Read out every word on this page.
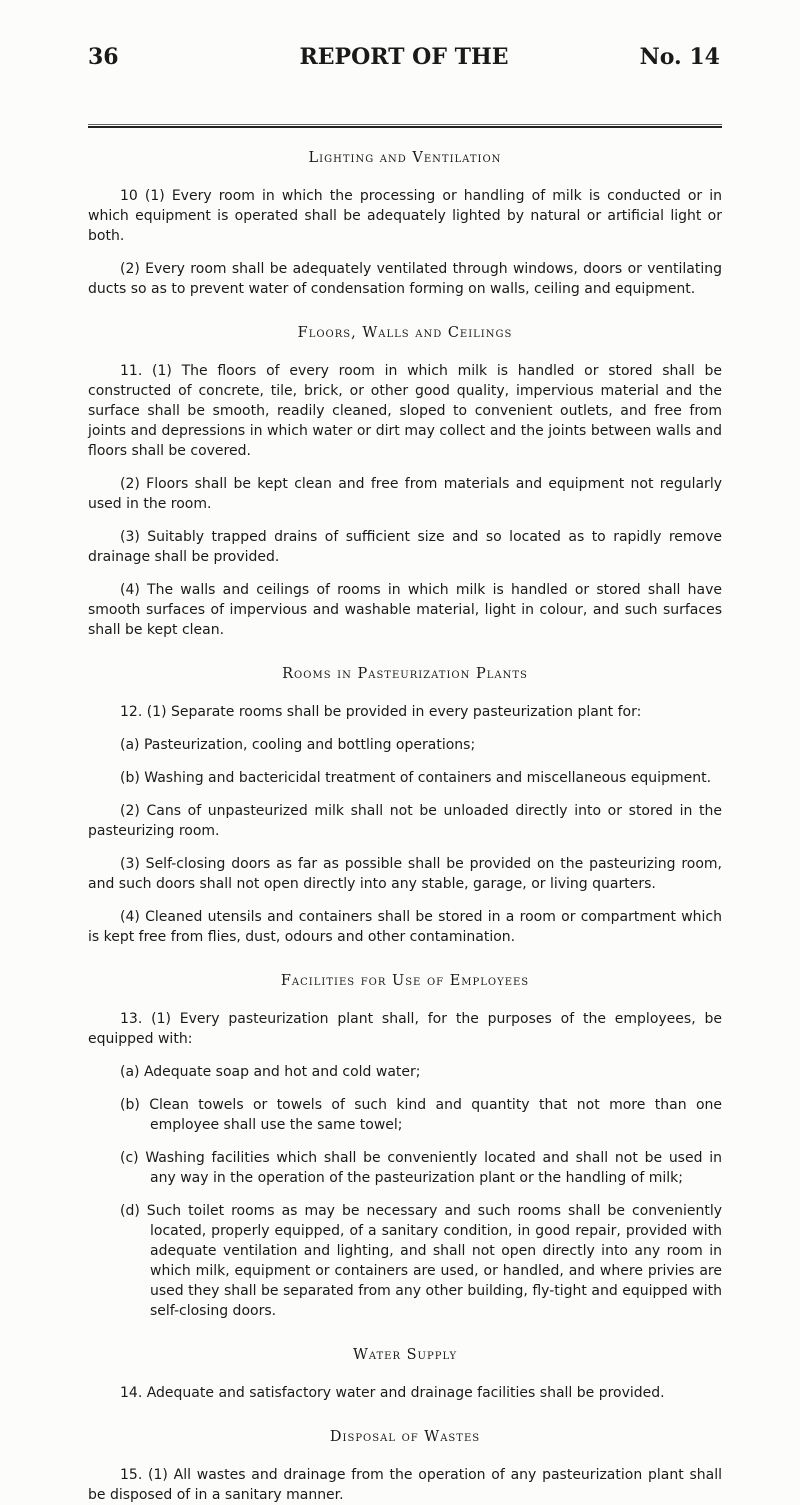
36	REPORT OF THE	No. 14
Lighting and Ventilation

10 (1) Every room in which the processing or handling of milk is conducted or in which equipment is operated shall be adequately lighted by natural or artificial light or both.

(2) Every room shall be adequately ventilated through windows, doors or ventilating ducts so as to prevent water of condensation forming on walls, ceiling and equipment.

Floors, Walls and Ceilings

11. (1) The floors of every room in which milk is handled or stored shall be constructed of concrete, tile, brick, or other good quality, impervious material and the surface shall be smooth, readily cleaned, sloped to convenient outlets, and free from joints and depressions in which water or dirt may collect and the joints between walls and floors shall be covered.

(2) Floors shall be kept clean and free from materials and equipment not regularly used in the room.

(3) Suitably trapped drains of sufficient size and so located as to rapidly remove drainage shall be provided.

(4) The walls and ceilings of rooms in which milk is handled or stored shall have smooth surfaces of impervious and washable material, light in colour, and such surfaces shall be kept clean.

Rooms in Pasteurization Plants

12. (1) Separate rooms shall be provided in every pasteurization plant for:

(a) Pasteurization, cooling and bottling operations;

(b) Washing and bactericidal treatment of containers and miscellaneous equipment.

(2) Cans of unpasteurized milk shall not be unloaded directly into or stored in the pasteurizing room.

(3) Self-closing doors as far as possible shall be provided on the pasteurizing room, and such doors shall not open directly into any stable, garage, or living quarters.

(4) Cleaned utensils and containers shall be stored in a room or compartment which is kept free from flies, dust, odours and other contamination.

Facilities for Use of Employees

13. (1) Every pasteurization plant shall, for the purposes of the employees, be equipped with:

(a) Adequate soap and hot and cold water;

(b) Clean towels or towels of such kind and quantity that not more than one employee shall use the same towel;

(c) Washing facilities which shall be conveniently located and shall not be used in any way in the operation of the pasteurization plant or the handling of milk;

(d) Such toilet rooms as may be necessary and such rooms shall be conveniently located, properly equipped, of a sanitary condition, in good repair, provided with adequate ventilation and lighting, and shall not open directly into any room in which milk, equipment or containers are used, or handled, and where privies are used they shall be separated from any other building, fly-tight and equipped with self-closing doors.

Water Supply

14. Adequate and satisfactory water and drainage facilities shall be provided.

Disposal of Wastes

15. (1) All wastes and drainage from the operation of any pasteurization plant shall be disposed of in a sanitary manner.
